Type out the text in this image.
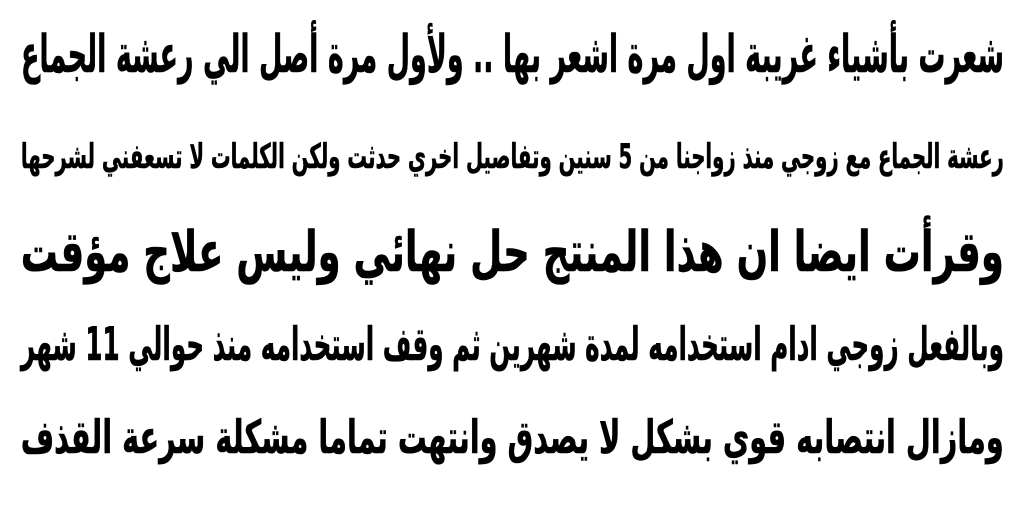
شعرت بأشياء غريبة اول مرة اشعر بها .. ولأول مرة أصل الي رعشة الجماع
رعشة الجماع مع زوجي منذ زواجنا من 5 سنين وتفاصيل اخري حدثت ولكن الكلمات لا تسعفني لشرحها
وقرأت ايضا ان هذا المنتج حل نهائي وليس علاج مؤقت
وبالفعل زوجي ادام استخدامه لمدة شهرين ثم وقف استخدامه منذ حوالي 11 شهر
ومازال انتصابه قوي بشكل لا يصدق وانتهت تماما مشكلة سرعة القذف
